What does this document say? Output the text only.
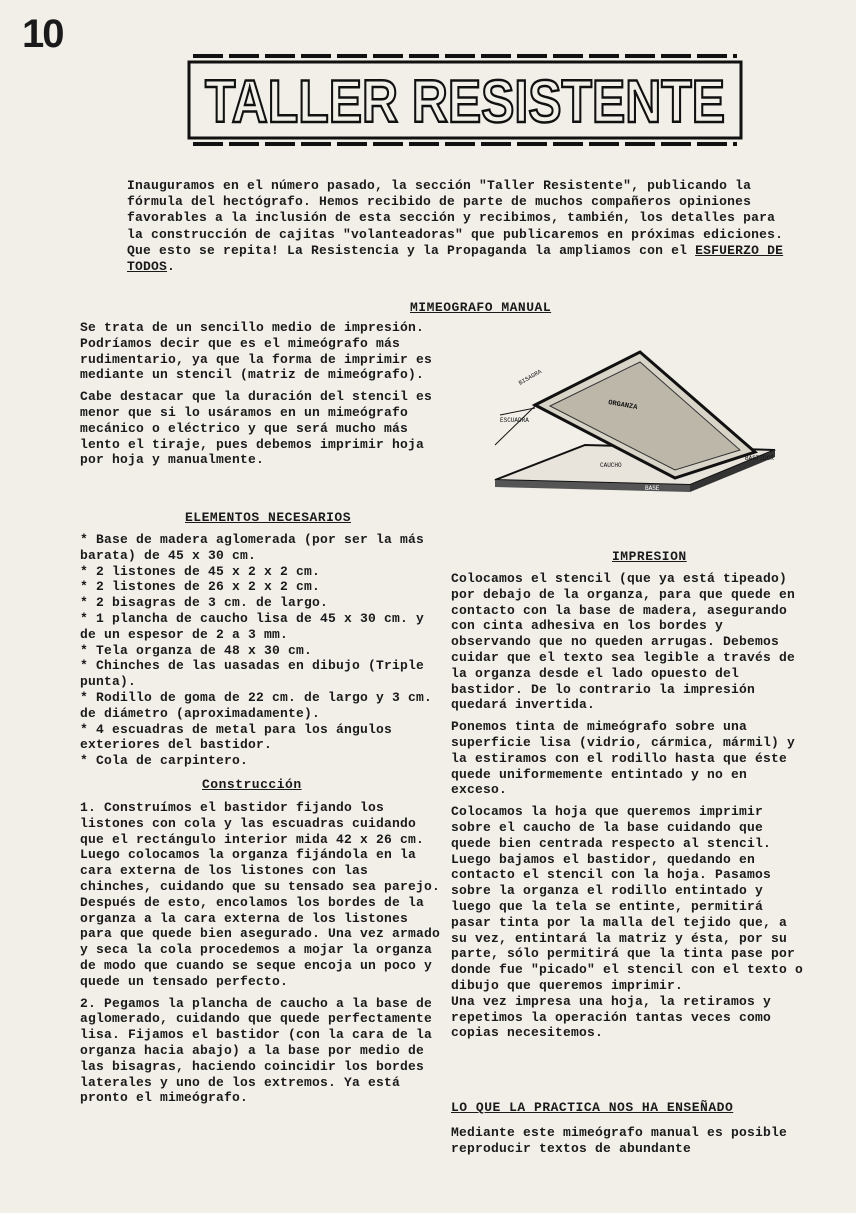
10
TALLER RESISTENTE
Inauguramos en el número pasado, la sección "Taller Resistente", publicando la fórmula del hectógrafo. Hemos recibido de parte de muchos compañeros opiniones favorables a la inclusión de esta sección y recibimos, también, los detalles para la construcción de cajitas "volanteadoras" que publicaremos en próximas ediciones.
Que esto se repita! La Resistencia y la Propaganda la ampliamos con el ESFUERZO DE TODOS.
MIMEOGRAFO MANUAL

Se trata de un sencillo medio de impresión. Podríamos decir que es el mimeógrafo más rudimentario, ya que la forma de imprimir es mediante un stencil (matriz de mimeógrafo).

Cabe destacar que la duración del stencil es menor que si lo usáramos en un mimeógrafo mecánico o eléctrico y que será mucho más lento el tiraje, pues debemos imprimir hoja por hoja y manualmente.

ORGANZA
BISAGRA
ESCUADRA
CAUCHO
BASE
BASTIDOR
ELEMENTOS NECESARIOS
* Base de madera aglomerada (por ser la más barata) de 45 x 30 cm.
* 2 listones de 45 x 2 x 2 cm.
* 2 listones de 26 x 2 x 2 cm.
* 2 bisagras de 3 cm. de largo.
* 1 plancha de caucho lisa de 45 x 30 cm. y de un espesor de 2 a 3 mm.
* Tela organza de 48 x 30 cm.
* Chinches de las uasadas en dibujo (Triple punta).
* Rodillo de goma de 22 cm. de largo y 3 cm. de diámetro (aproximadamente).
* 4 escuadras de metal para los ángulos exteriores del bastidor.
* Cola de carpintero.
Construcción

1. Construímos el bastidor fijando los listones con cola y las escuadras cuidando que el rectángulo interior mida 42 x 26 cm. Luego colocamos la organza fijándola en la cara externa de los listones con las chinches, cuidando que su tensado sea parejo. Después de esto, encolamos los bordes de la organza a la cara externa de los listones para que quede bien asegurado. Una vez armado y seca la cola procedemos a mojar la organza de modo que cuando se seque encoja un poco y quede un tensado perfecto.

2. Pegamos la plancha de caucho a la base de aglomerado, cuidando que quede perfectamente lisa. Fijamos el bastidor (con la cara de la organza hacia abajo) a la base por medio de las bisagras, haciendo coincidir los bordes laterales y uno de los extremos. Ya está pronto el mimeógrafo.

IMPRESION

Colocamos el stencil (que ya está tipeado) por debajo de la organza, para que quede en contacto con la base de madera, asegurando con cinta adhesiva en los bordes y observando que no queden arrugas. Debemos cuidar que el texto sea legible a través de la organza desde el lado opuesto del bastidor. De lo contrario la impresión quedará invertida.

Ponemos tinta de mimeógrafo sobre una superficie lisa (vidrio, cármica, mármil) y la estiramos con el rodillo hasta que éste quede uniformemente entintado y no en exceso.

Colocamos la hoja que queremos imprimir sobre el caucho de la base cuidando que quede bien centrada respecto al stencil. Luego bajamos el bastidor, quedando en contacto el stencil con la hoja. Pasamos sobre la organza el rodillo entintado y luego que la tela se entinte, permitirá pasar tinta por la malla del tejido que, a su vez, entintará la matriz y ésta, por su parte, sólo permitirá que la tinta pase por donde fue "picado" el stencil con el texto o dibujo que queremos imprimir.

Una vez impresa una hoja, la retiramos y repetimos la operación tantas veces como copias necesitemos.

LO QUE LA PRACTICA NOS HA ENSEÑADO
Mediante este mimeógrafo manual es posible reproducir textos de abundante
